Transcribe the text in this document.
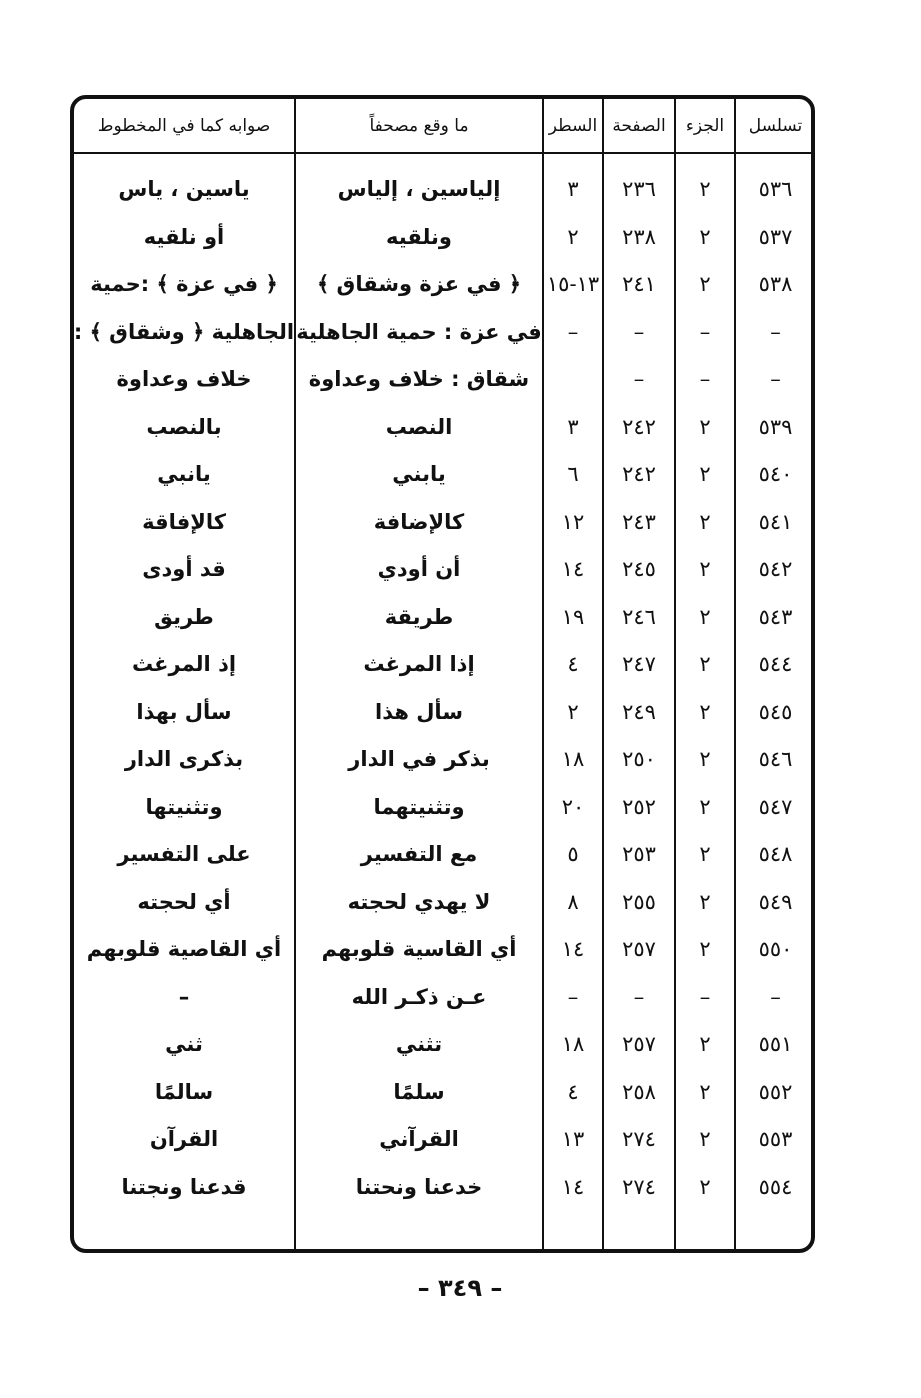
تسلسل
الجزء
الصفحة
السطر
ما وقع مصحفاً
صوابه كما في المخطوط
٥٣٦
٢
٢٣٦
٣
إلياسين ، إلياس
ياسين ، ياس
٥٣٧
٢
٢٣٨
٢
ونلقيه
أو نلقيه
٥٣٨
٢
٢٤١
١٣-١٥
﴿ في عزة وشقاق ﴾
﴿ في عزة ﴾ :حمية
–
–
–
–
في عزة : حمية الجاهلية
الجاهلية ﴿ وشقاق ﴾ :
–
–
–
شقاق : خلاف وعداوة
خلاف وعداوة
٥٣٩
٢
٢٤٢
٣
النصب
بالنصب
٥٤٠
٢
٢٤٢
٦
يابني
يانبي
٥٤١
٢
٢٤٣
١٢
كالإضافة
كالإفاقة
٥٤٢
٢
٢٤٥
١٤
أن أودي
قد أودى
٥٤٣
٢
٢٤٦
١٩
طريقة
طريق
٥٤٤
٢
٢٤٧
٤
إذا المرغث
إذ المرغث
٥٤٥
٢
٢٤٩
٢
سأل هذا
سأل بهذا
٥٤٦
٢
٢٥٠
١٨
بذكر في الدار
بذكرى الدار
٥٤٧
٢
٢٥٢
٢٠
وتثنيتهما
وتثنيتها
٥٤٨
٢
٢٥٣
٥
مع التفسير
على التفسير
٥٤٩
٢
٢٥٥
٨
لا يهدي لحجته
أي لحجته
٥٥٠
٢
٢٥٧
١٤
أي القاسية قلوبهم
أي القاصية قلوبهم
–
–
–
–
عـن ذكـر الله
–
٥٥١
٢
٢٥٧
١٨
تثني
ثني
٥٥٢
٢
٢٥٨
٤
سلمًا
سالمًا
٥٥٣
٢
٢٧٤
١٣
القرآني
القرآن
٥٥٤
٢
٢٧٤
١٤
خدعنا ونحتنا
قدعنا ونجتنا
– ٣٤٩ –
